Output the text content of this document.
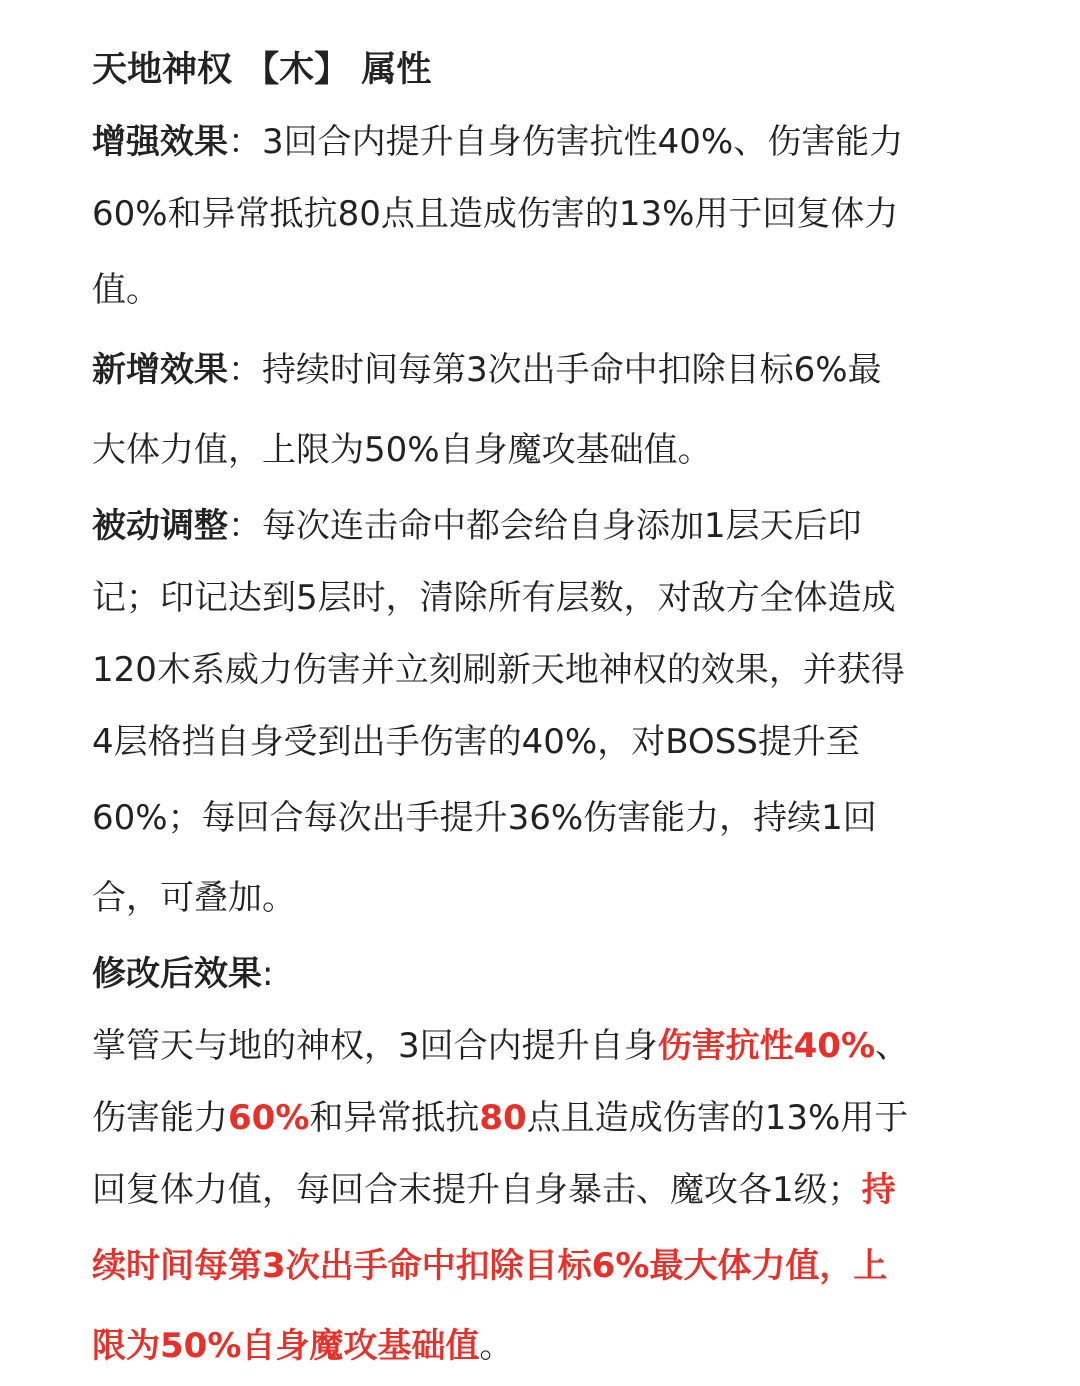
天地神权 【木】 属性
增强效果：3回合内提升自身伤害抗性40%、伤害能力
60%和异常抵抗80点且造成伤害的13%用于回复体力
值。
新增效果：持续时间每第3次出手命中扣除目标6%最
大体力值，上限为50%自身魔攻基础值。
被动调整：每次连击命中都会给自身添加1层天后印
记；印记达到5层时，清除所有层数，对敌方全体造成
120木系威力伤害并立刻刷新天地神权的效果，并获得
4层格挡自身受到出手伤害的40%，对BOSS提升至
60%；每回合每次出手提升36%伤害能力，持续1回
合，可叠加。
修改后效果:
掌管天与地的神权，3回合内提升自身伤害抗性40%、
伤害能力60%和异常抵抗80点且造成伤害的13%用于
回复体力值，每回合末提升自身暴击、魔攻各1级；持
续时间每第3次出手命中扣除目标6%最大体力值，上
限为50%自身魔攻基础值。
